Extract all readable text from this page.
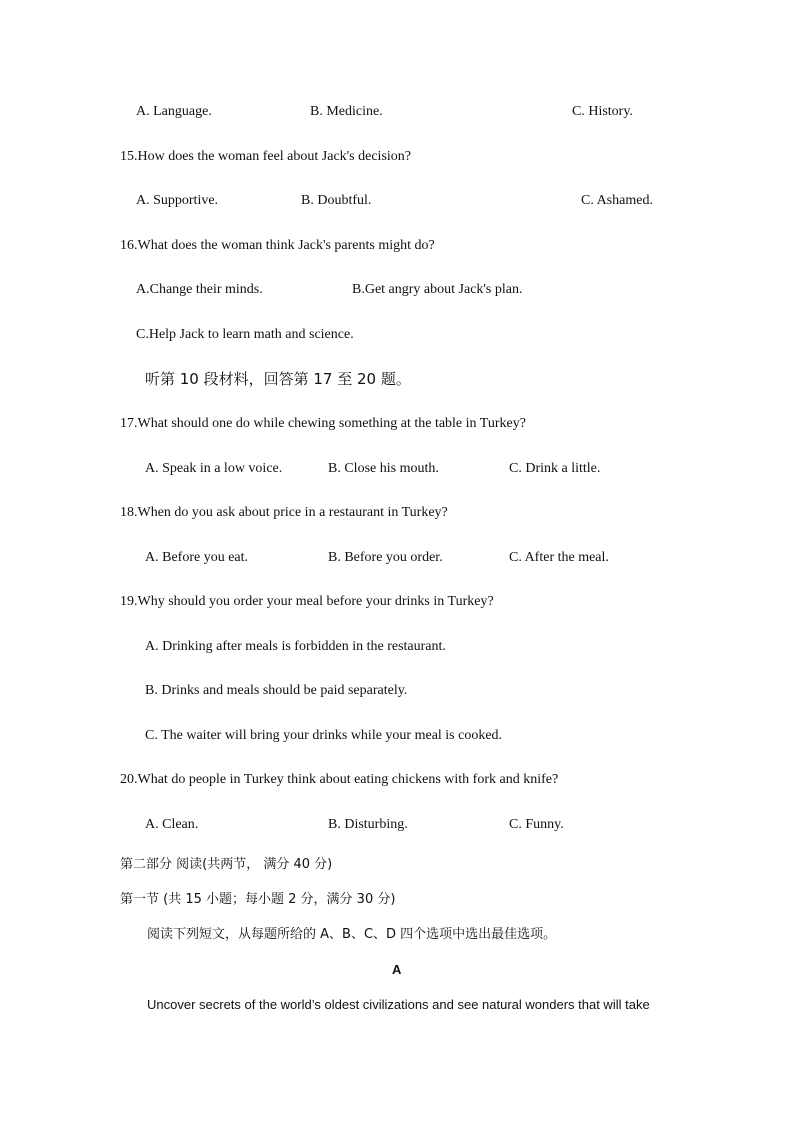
A. Language.	B. Medicine.	C. History.
15.How does the woman feel about Jack's decision?
A. Supportive.	B. Doubtful.	C. Ashamed.
16.What does the woman think Jack's parents might do?
A.Change their minds.	B.Get angry about Jack's plan.
C.Help Jack to learn math and science.
听第 10 段材料，回答第 17 至 20 题。
17.What should one do while chewing something at the table in Turkey?
A. Speak in a low voice.	B. Close his mouth.	C. Drink a little.
18.When do you ask about price in a restaurant in Turkey?
A. Before you eat.	B. Before you order.	C. After the meal.
19.Why should you order your meal before your drinks in Turkey?
A. Drinking after meals is forbidden in the restaurant.
B. Drinks and meals should be paid separately.
C. The waiter will bring your drinks while your meal is cooked.
20.What do people in Turkey think about eating chickens with fork and knife?
A. Clean.	B. Disturbing.	C. Funny.
第二部分 阅读(共两节， 满分 40 分)
第一节 (共 15 小题；每小题 2 分，满分 30 分)
阅读下列短文，从每题所给的 A、B、C、D 四个选项中选出最佳选项。
A
Uncover secrets of the world’s oldest civilizations and see natural wonders that will take
